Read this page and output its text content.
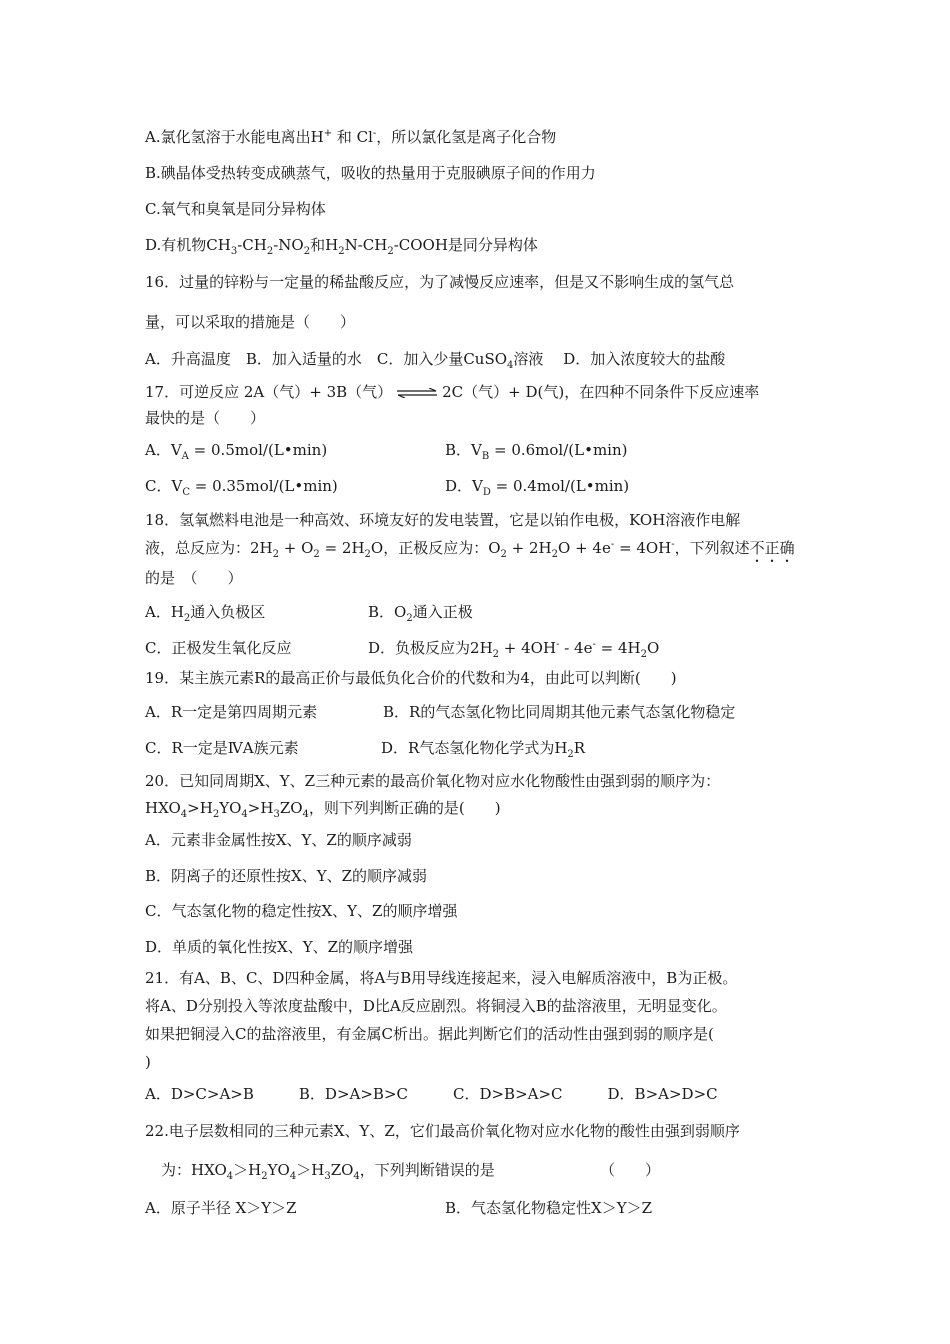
A.氯化氢溶于水能电离出H+ 和 Cl-，所以氯化氢是离子化合物
B.碘晶体受热转变成碘蒸气，吸收的热量用于克服碘原子间的作用力
C.氧气和臭氧是同分异构体
D.有机物$CH_3-CH_2-NO_2$和$H_2N-CH_2$-COOH是同分异构体
16．过量的锌粉与一定量的稀盐酸反应，为了减慢反应速率，但是又不影响生成的氢气总
量，可以采取的措施是（　　）
A．升高温度　B．加入适量的水　C．加入少量CuSO$_4$溶液　 D．加入浓度较大的盐酸
17．可逆反应 2A（气）+ 3B（气） ⇌ 2C（气）+ D(气)，在四种不同条件下反应速率
最快的是（　　）
A．$V_A$ = 0.5mol/(L•min)	B．$V_B$ = 0.6mol/(L•min)
C．$V_C$ = 0.35mol/(L•min)	D．$V_D$ = 0.4mol/(L•min)
18．氢氧燃料电池是一种高效、环境友好的发电装置，它是以铂作电极，KOH溶液作电解
液，总反应为：$2H_2 + O_2 = 2H_2O$，正极反应为：$O_2 + 2H_2O + 4e^- = 4OH^-$，下列叙述不正确
的是　（　　）
A．$H_2$通入负极区	B．$O_2$通入正极
C．正极发生氧化反应	D．负极反应为$2H_2 + 4OH^- - 4e^- = 4H_2O$
19．某主族元素R的最高正价与最低负化合价的代数和为4，由此可以判断(　　)
A．R一定是第四周期元素	B．R的气态氢化物比同周期其他元素气态氢化物稳定
C．R一定是ⅣA族元素	D．R气态氢化物化学式为$H_2R$
20．已知同周期X、Y、Z三种元素的最高价氧化物对应水化物酸性由强到弱的顺序为：
$HXO_4>H_2YO_4>H_3ZO_4$，则下列判断正确的是(　　)
A．元素非金属性按X、Y、Z的顺序减弱
B．阴离子的还原性按X、Y、Z的顺序减弱
C．气态氢化物的稳定性按X、Y、Z的顺序增强
D．单质的氧化性按X、Y、Z的顺序增强
21．有A、B、C、D四种金属，将A与B用导线连接起来，浸入电解质溶液中，B为正极。
将A、D分别投入等浓度盐酸中，D比A反应剧烈。将铜浸入B的盐溶液里，无明显变化。
如果把铜浸入C的盐溶液里，有金属C析出。据此判断它们的活动性由强到弱的顺序是(
)
A．D>C>A>B　　　B．D>A>B>C　　　C．D>B>A>C　　　D．B>A>D>C
22.电子层数相同的三种元素X、Y、Z，它们最高价氧化物对应水化物的酸性由强到弱顺序
为：$HXO_4>H_2YO_4>H_3ZO_4$，下列判断错误的是	（　　）
A．原子半径 X＞Y＞Z	B．气态氢化物稳定性X＞Y＞Z
